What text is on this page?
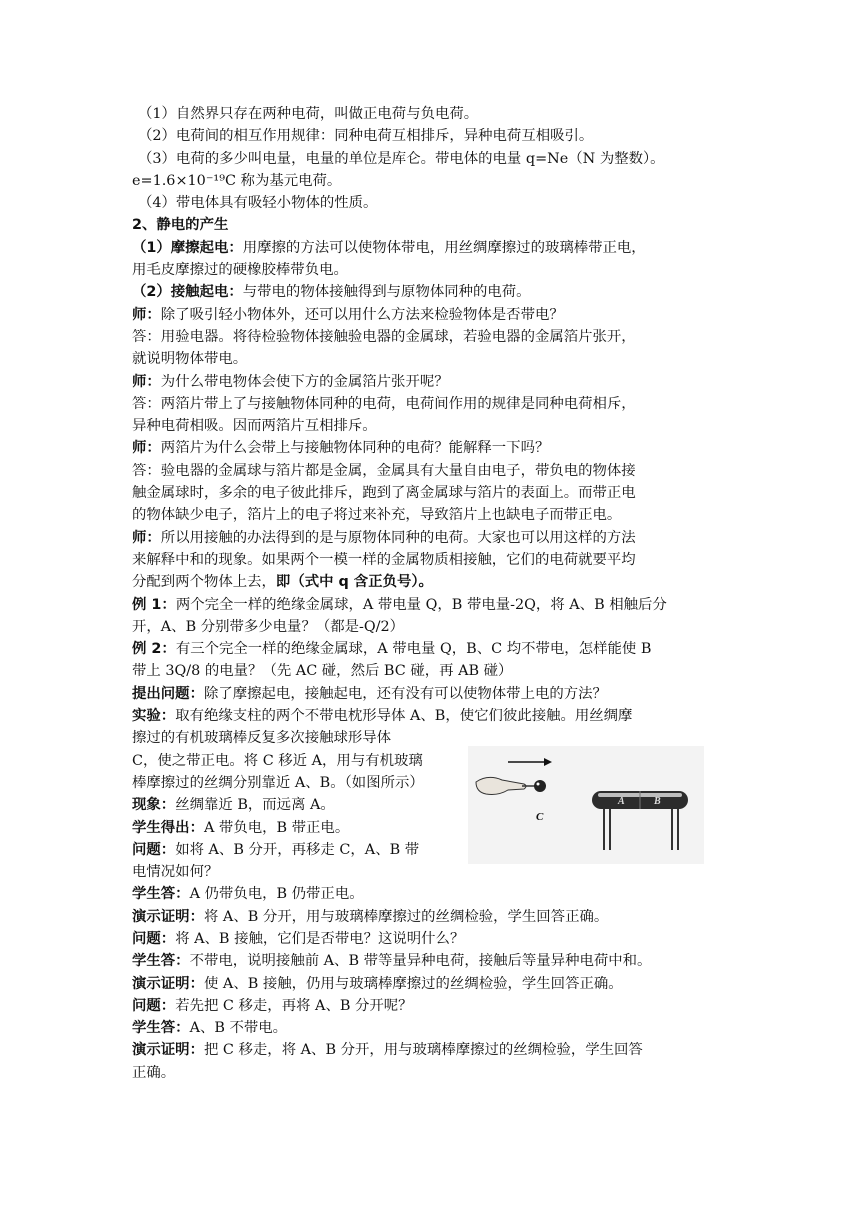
（1）自然界只存在两种电荷，叫做正电荷与负电荷。
（2）电荷间的相互作用规律：同种电荷互相排斥，异种电荷互相吸引。
（3）电荷的多少叫电量，电量的单位是库仑。带电体的电量 q=Ne（N 为整数）。
e=1.6×10⁻¹⁹C 称为基元电荷。
（4）带电体具有吸轻小物体的性质。
2、静电的产生
（1）摩擦起电：用摩擦的方法可以使物体带电，用丝绸摩擦过的玻璃棒带正电，
用毛皮摩擦过的硬橡胶棒带负电。
（2）接触起电：与带电的物体接触得到与原物体同种的电荷。
师：除了吸引轻小物体外，还可以用什么方法来检验物体是否带电？
答：用验电器。将待检验物体接触验电器的金属球，若验电器的金属箔片张开，
就说明物体带电。
师：为什么带电物体会使下方的金属箔片张开呢？
答：两箔片带上了与接触物体同种的电荷，电荷间作用的规律是同种电荷相斥，
异种电荷相吸。因而两箔片互相排斥。
师：两箔片为什么会带上与接触物体同种的电荷？能解释一下吗？
答：验电器的金属球与箔片都是金属，金属具有大量自由电子，带负电的物体接
触金属球时，多余的电子彼此排斥，跑到了离金属球与箔片的表面上。而带正电
的物体缺少电子，箔片上的电子将过来补充，导致箔片上也缺电子而带正电。
师：所以用接触的办法得到的是与原物体同种的电荷。大家也可以用这样的方法
来解释中和的现象。如果两个一模一样的金属物质相接触，它们的电荷就要平均
分配到两个物体上去，即（式中 q 含正负号）。
例 1：两个完全一样的绝缘金属球，A 带电量 Q，B 带电量-2Q，将 A、B 相触后分
开，A、B 分别带多少电量？（都是-Q/2）
例 2：有三个完全一样的绝缘金属球，A 带电量 Q，B、C 均不带电，怎样能使 B
带上 3Q/8 的电量？（先 AC 碰，然后 BC 碰，再 AB 碰）
提出问题：除了摩擦起电，接触起电，还有没有可以使物体带上电的方法？
实验：取有绝缘支柱的两个不带电枕形导体 A、B，使它们彼此接触。用丝绸摩
擦过的有机玻璃棒反复多次接触球形导体
C，使之带正电。将 C 移近 A，用与有机玻璃
棒摩擦过的丝绸分别靠近 A、B。（如图所示）
现象：丝绸靠近 B，而远离 A。
学生得出：A 带负电，B 带正电。
问题：如将 A、B 分开，再移走 C，A、B 带
电情况如何？
学生答：A 仍带负电，B 仍带正电。
演示证明：将 A、B 分开，用与玻璃棒摩擦过的丝绸检验，学生回答正确。
问题：将 A、B 接触，它们是否带电？这说明什么？
学生答：不带电，说明接触前 A、B 带等量异种电荷，接触后等量异种电荷中和。
演示证明：使 A、B 接触，仍用与玻璃棒摩擦过的丝绸检验，学生回答正确。
问题：若先把 C 移走，再将 A、B 分开呢？
学生答：A、B 不带电。
演示证明：把 C 移走，将 A、B 分开，用与玻璃棒摩擦过的丝绸检验，学生回答
正确。
C
A	B
